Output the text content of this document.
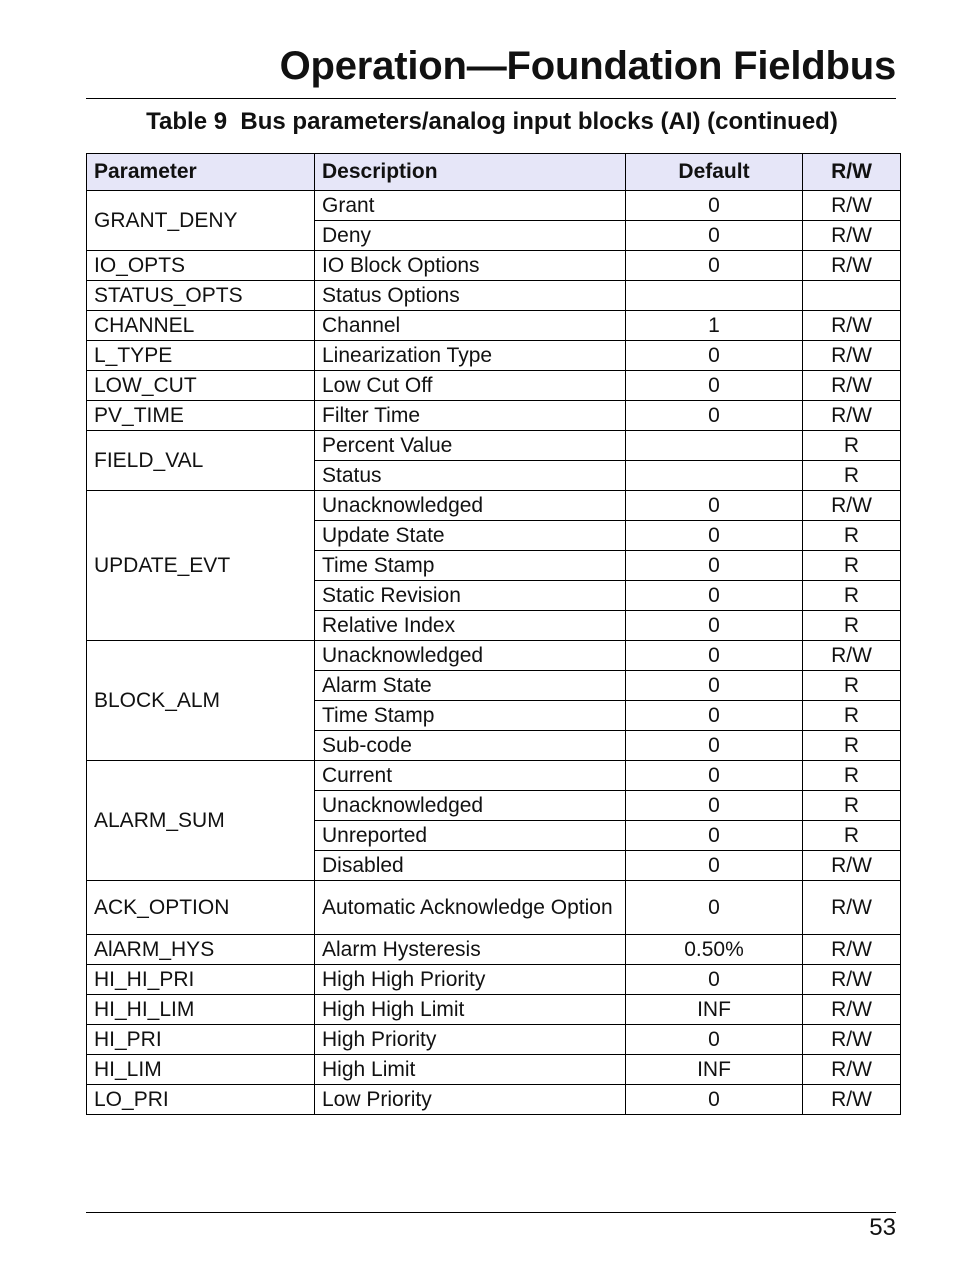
Operation—Foundation Fieldbus
Table 9  Bus parameters/analog input blocks (AI) (continued)
Parameter	Description	Default	R/W
GRANT_DENY	Grant	0	R/W
	Deny	0	R/W
IO_OPTS	IO Block Options	0	R/W
STATUS_OPTS	Status Options		
CHANNEL	Channel	1	R/W
L_TYPE	Linearization Type	0	R/W
LOW_CUT	Low Cut Off	0	R/W
PV_TIME	Filter Time	0	R/W
FIELD_VAL	Percent Value		R
	Status		R
UPDATE_EVT	Unacknowledged	0	R/W
	Update State	0	R
	Time Stamp	0	R
	Static Revision	0	R
	Relative Index	0	R
BLOCK_ALM	Unacknowledged	0	R/W
	Alarm State	0	R
	Time Stamp	0	R
	Sub-code	0	R
ALARM_SUM	Current	0	R
	Unacknowledged	0	R
	Unreported	0	R
	Disabled	0	R/W
ACK_OPTION	Automatic Acknowledge Option	0	R/W
AlARM_HYS	Alarm Hysteresis	0.50%	R/W
HI_HI_PRI	High High Priority	0	R/W
HI_HI_LIM	High High Limit	INF	R/W
HI_PRI	High Priority	0	R/W
HI_LIM	High Limit	INF	R/W
LO_PRI	Low Priority	0	R/W
53
